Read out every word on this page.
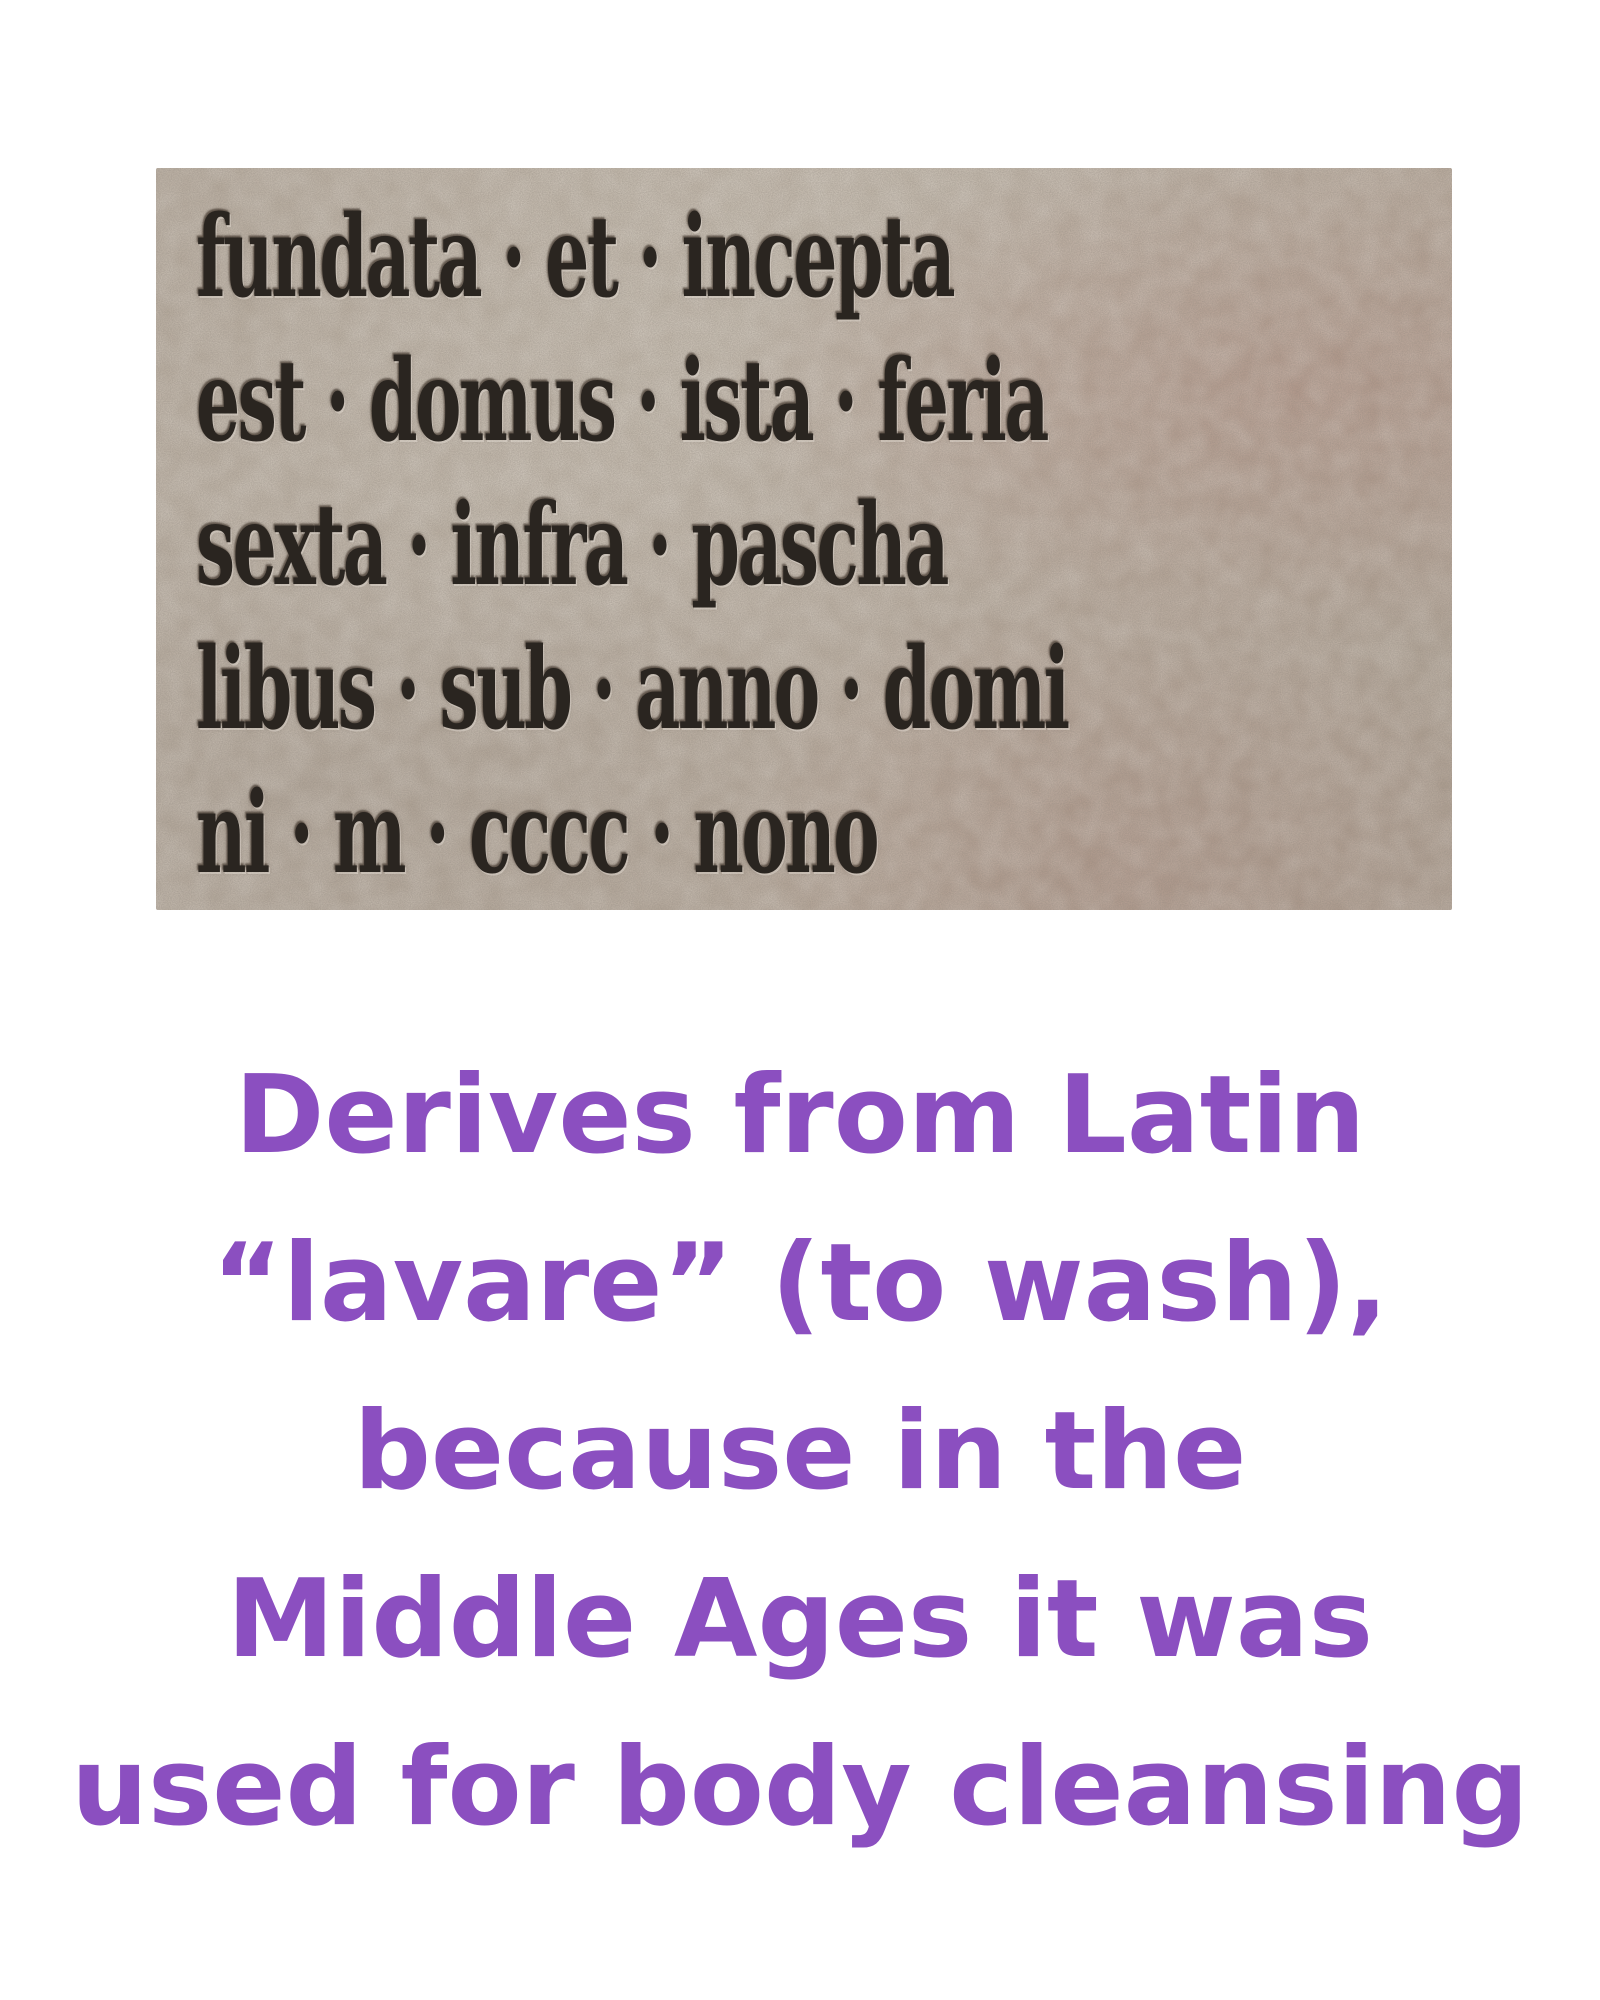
fundata · et · incepta
est · domus · ista · feria
sexta · infra · pascha
libus · sub · anno · domi
ni · m · cccc · nono

Derives from Latin
“lavare” (to wash),
because in the
Middle Ages it was
used for body cleansing
